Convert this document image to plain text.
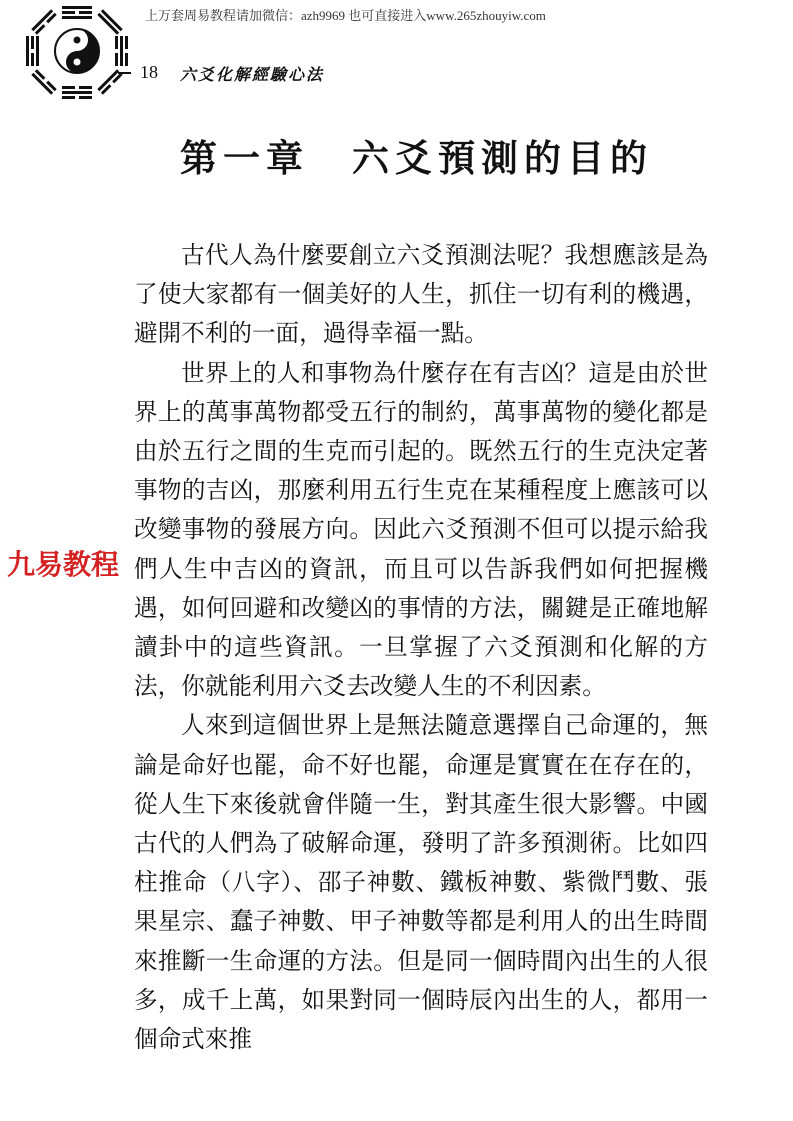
上万套周易教程请加微信：azh9969 也可直接进入www.265zhouyiw.com
18 六爻化解經驗心法
第一章　六爻預測的目的

古代人為什麼要創立六爻預測法呢？我想應該是為了使大家都有一個美好的人生，抓住一切有利的機遇，避開不利的一面，過得幸福一點。

世界上的人和事物為什麼存在有吉凶？這是由於世界上的萬事萬物都受五行的制約，萬事萬物的變化都是由於五行之間的生克而引起的。既然五行的生克決定著事物的吉凶，那麼利用五行生克在某種程度上應該可以改變事物的發展方向。因此六爻預測不但可以提示給我們人生中吉凶的資訊，而且可以告訴我們如何把握機遇，如何回避和改變凶的事情的方法，關鍵是正確地解讀卦中的這些資訊。一旦掌握了六爻預測和化解的方法，你就能利用六爻去改變人生的不利因素。

人來到這個世界上是無法隨意選擇自己命運的，無論是命好也罷，命不好也罷，命運是實實在在存在的，從人生下來後就會伴隨一生，對其產生很大影響。中國古代的人們為了破解命運，發明了許多預測術。比如四柱推命（八字）、邵子神數、鐵板神數、紫微鬥數、張果星宗、蠢子神數、甲子神數等都是利用人的出生時間來推斷一生命運的方法。但是同一個時間內出生的人很多，成千上萬，如果對同一個時辰內出生的人，都用一個命式來推

九易教程
